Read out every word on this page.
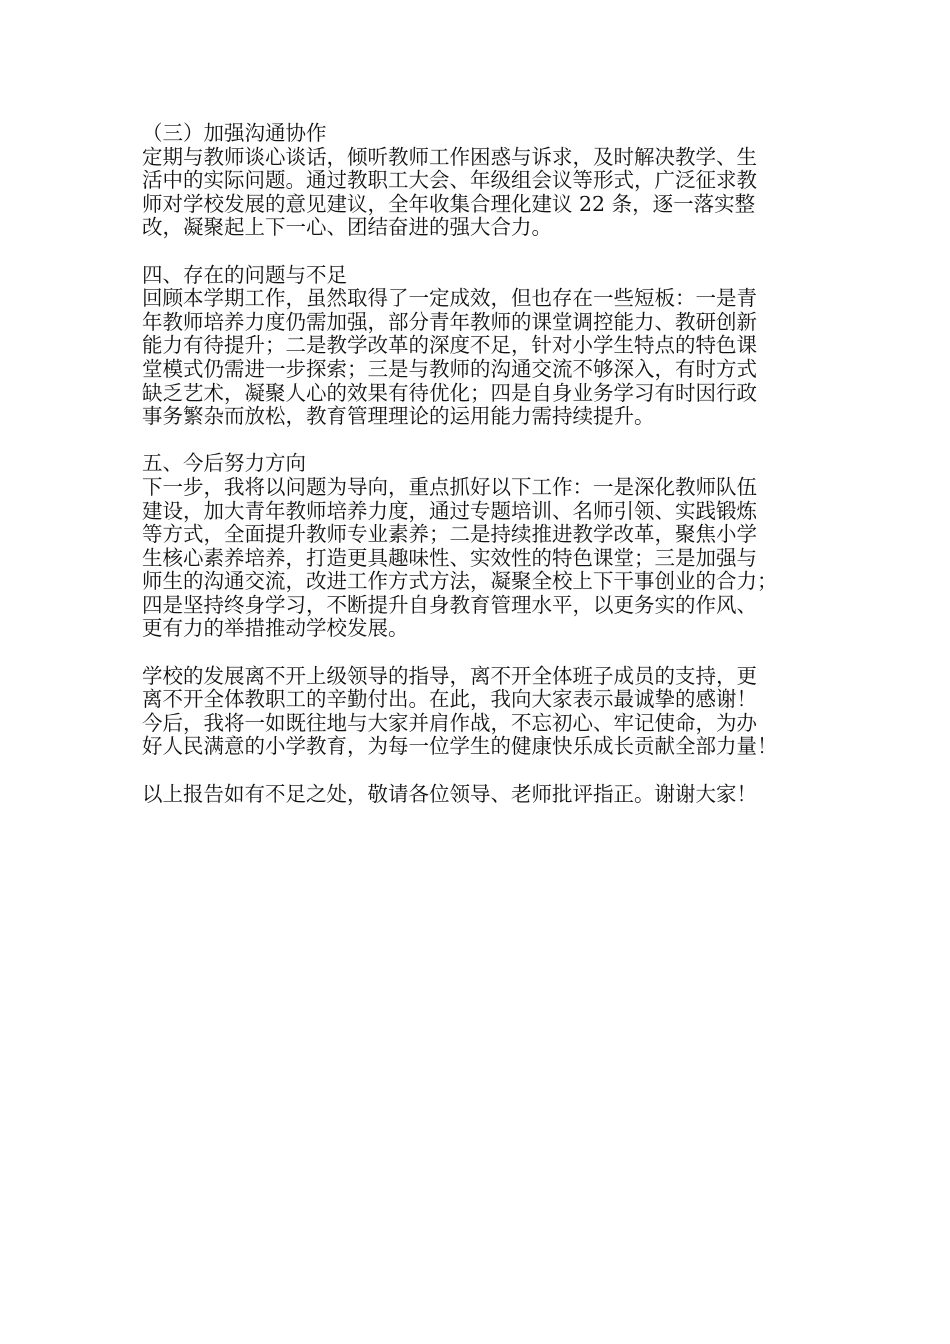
（三）加强沟通协作
定期与教师谈心谈话，倾听教师工作困惑与诉求，及时解决教学、生
活中的实际问题。通过教职工大会、年级组会议等形式，广泛征求教
师对学校发展的意见建议，全年收集合理化建议 22 条，逐一落实整
改，凝聚起上下一心、团结奋进的强大合力。
四、存在的问题与不足
回顾本学期工作，虽然取得了一定成效，但也存在一些短板：一是青
年教师培养力度仍需加强，部分青年教师的课堂调控能力、教研创新
能力有待提升；二是教学改革的深度不足，针对小学生特点的特色课
堂模式仍需进一步探索；三是与教师的沟通交流不够深入，有时方式
缺乏艺术，凝聚人心的效果有待优化；四是自身业务学习有时因行政
事务繁杂而放松，教育管理理论的运用能力需持续提升。
五、今后努力方向
下一步，我将以问题为导向，重点抓好以下工作：一是深化教师队伍
建设，加大青年教师培养力度，通过专题培训、名师引领、实践锻炼
等方式，全面提升教师专业素养；二是持续推进教学改革，聚焦小学
生核心素养培养，打造更具趣味性、实效性的特色课堂；三是加强与
师生的沟通交流，改进工作方式方法，凝聚全校上下干事创业的合力；
四是坚持终身学习，不断提升自身教育管理水平，以更务实的作风、
更有力的举措推动学校发展。
学校的发展离不开上级领导的指导，离不开全体班子成员的支持，更
离不开全体教职工的辛勤付出。在此，我向大家表示最诚挚的感谢！
今后，我将一如既往地与大家并肩作战，不忘初心、牢记使命，为办
好人民满意的小学教育，为每一位学生的健康快乐成长贡献全部力量！
以上报告如有不足之处，敬请各位领导、老师批评指正。谢谢大家！
